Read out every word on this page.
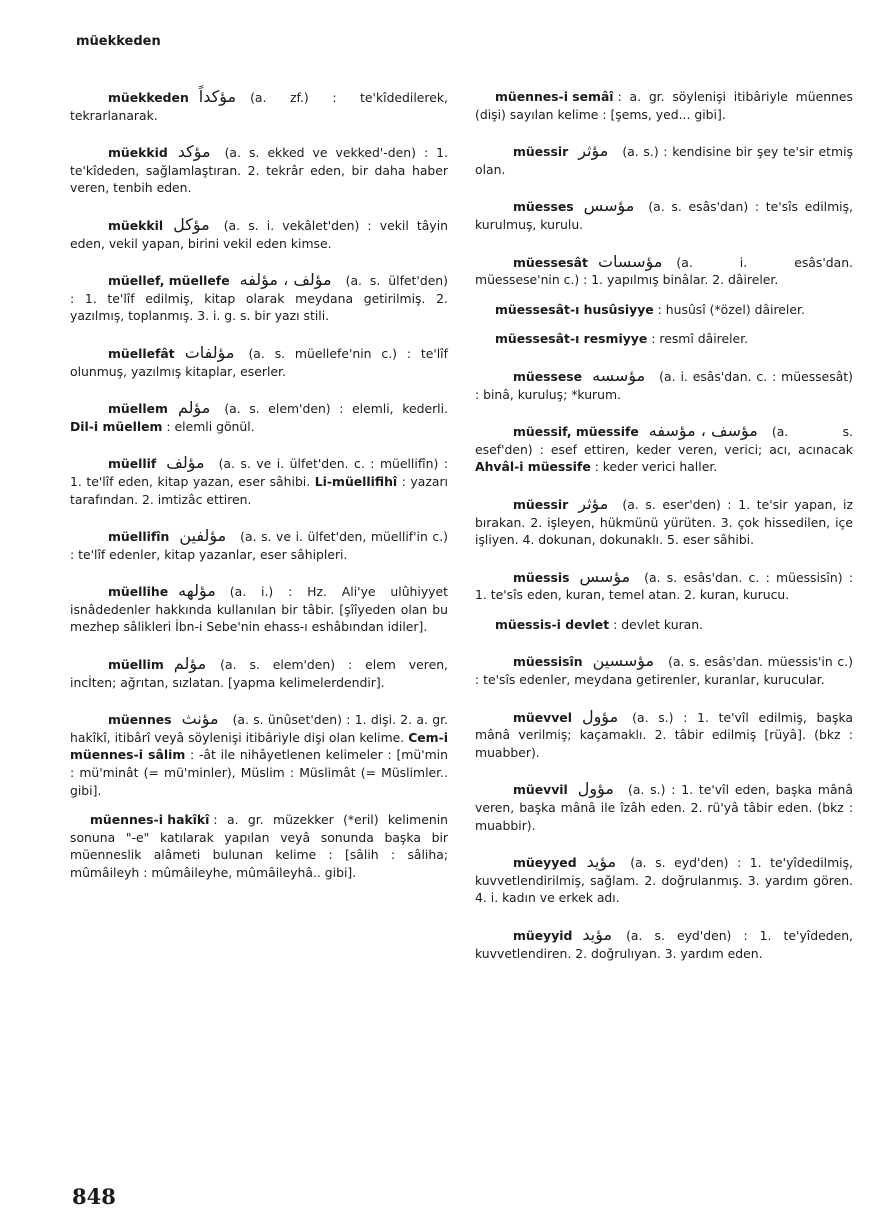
müekkeden
müekkeden مؤكداً (a. zf.) : te'kîdedilerek, tekrarlanarak.
müekkid مؤكد (a. s. ekked ve vekked'-den) : 1. te'kîdeden, sağlamlaştıran. 2. tekrâr eden, bir daha haber veren, tenbih eden.
müekkil مؤكل (a. s. i. vekâlet'den) : vekil tâyin eden, vekil yapan, birini vekil eden kimse.
müellef, müellefe مؤلف ، مؤلفه (a. s. ülfet'den) : 1. te'lîf edilmiş, kitap olarak meydana getirilmiş. 2. yazılmış, toplanmış. 3. i. g. s. bir yazı stili.
müellefât مؤلفات (a. s. müellefe'nin c.) : te'lîf olunmuş, yazılmış kitaplar, eserler.
müellem مؤلم (a. s. elem'den) : elemli, kederli. Dil-i müellem : elemli gönül.
müellif مؤلف (a. s. ve i. ülfet'den. c. : müellifîn) : 1. te'lîf eden, kitap yazan, eser sâhibi. Li-müellifihî : yazarı tarafından. 2. imtizâc ettiren.
müellifîn مؤلفين (a. s. ve i. ülfet'den, müellif'in c.) : te'lîf edenler, kitap yazanlar, eser sâhipleri.
müellihe مؤلهه (a. i.) : Hz. Ali'ye ulûhiyyet isnâdedenler hakkında kullanılan bir tâbir. [şîîyeden olan bu mezhep sâlikleri İbn-i Sebe'nin ehass-ı eshâbından idiler].
müellim مؤلم (a. s. elem'den) : elem veren, incİten; ağrıtan, sızlatan. [yapma kelimelerdendir].
müennes مؤنث (a. s. ünûset'den) : 1. dişi. 2. a. gr. hakîkî, itibârî veyâ söylenişi itibâriyle dişi olan kelime. Cem-i müennes-i sâlim : -ât ile nihâyetlenen kelimeler : [mü'min : mü'minât (= mü'minler), Müslim : Müslimât (= Müslimler.. gibi].
müennes-i hakîkî : a. gr. müzekker (*eril) kelimenin sonuna "-e" katılarak yapılan veyâ sonunda başka bir müenneslik alâmeti bulunan kelime : [sâlih : sâliha; mûmâileyh : mûmâileyhe, mûmâileyhâ.. gibi].
müennes-i semâî : a. gr. söylenişi itibâriyle müennes (dişi) sayılan kelime : [şems, yed... gibi].
müessir مؤثر (a. s.) : kendisine bir şey te'sir etmiş olan.
müesses مؤسس (a. s. esâs'dan) : te'sîs edilmiş, kurulmuş, kurulu.
müessesât مؤسسات (a. i. esâs'dan. müessese'nin c.) : 1. yapılmış binâlar. 2. dâireler.
müessesât-ı husûsiyye : husûsî (*özel) dâireler.
müessesât-ı resmiyye : resmî dâireler.
müessese مؤسسه (a. i. esâs'dan. c. : müessesât) : binâ, kuruluş; *kurum.
müessif, müessife مؤسف ، مؤسفه (a. s. esef'den) : esef ettiren, keder veren, verici; acı, acınacak Ahvâl-i müessife : keder verici haller.
müessir مؤثر (a. s. eser'den) : 1. te'sir yapan, iz bırakan. 2. işleyen, hükmünü yürüten. 3. çok hissedilen, içe işliyen. 4. dokunan, dokunaklı. 5. eser sâhibi.
müessis مؤسس (a. s. esâs'dan. c. : müessisîn) : 1. te'sîs eden, kuran, temel atan. 2. kuran, kurucu.
müessis-i devlet : devlet kuran.
müessisîn مؤسسين (a. s. esâs'dan. müessis'in c.) : te'sîs edenler, meydana getirenler, kuranlar, kurucular.
müevvel مؤول (a. s.) : 1. te'vîl edilmiş, başka mânâ verilmiş; kaçamaklı. 2. tâbir edilmiş [rüyâ]. (bkz : muabber).
müevvil مؤول (a. s.) : 1. te'vîl eden, başka mânâ veren, başka mânâ ile îzâh eden. 2. rü'yâ tâbir eden. (bkz : muabbir).
müeyyed مؤيد (a. s. eyd'den) : 1. te'yîdedilmiş, kuvvetlendirilmiş, sağlam. 2. doğrulanmış. 3. yardım gören. 4. i. kadın ve erkek adı.
müeyyid مؤيد (a. s. eyd'den) : 1. te'yîdeden, kuvvetlendiren. 2. doğrulıyan. 3. yardım eden.
848
